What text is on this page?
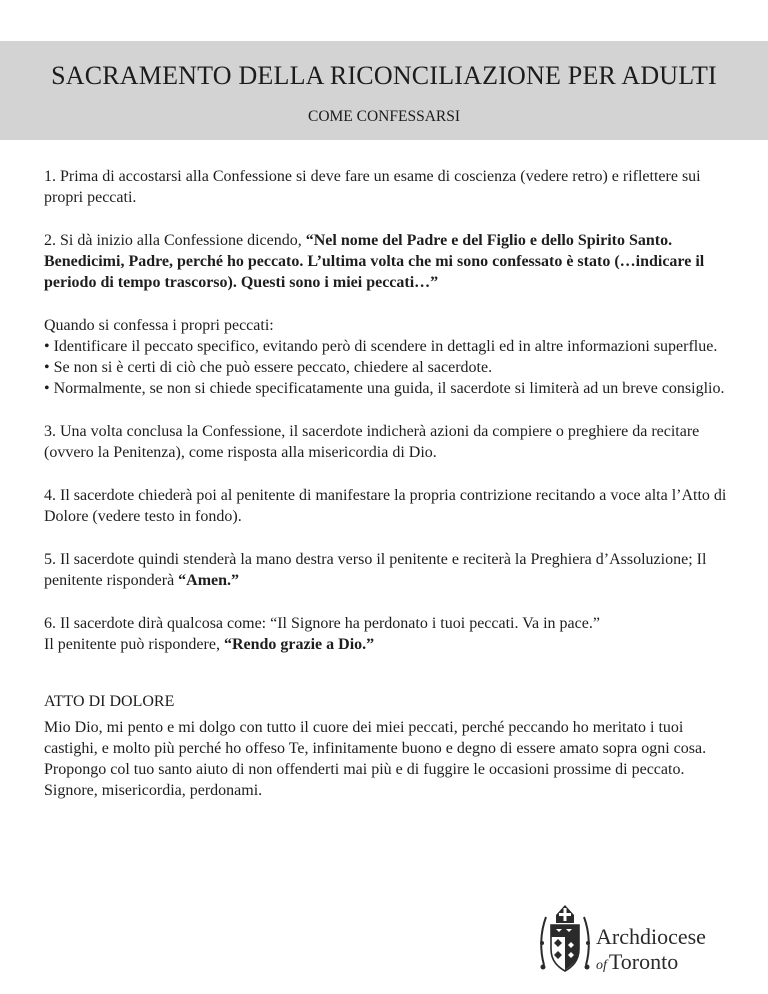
SACRAMENTO DELLA RICONCILIAZIONE PER ADULTI
COME CONFESSARSI

1. Prima di accostarsi alla Confessione si deve fare un esame di coscienza (vedere retro) e riflettere sui propri peccati.

2. Si dà inizio alla Confessione dicendo, “Nel nome del Padre e del Figlio e dello Spirito Santo. Benedicimi, Padre, perché ho peccato. L’ultima volta che mi sono confessato è stato (…indicare il periodo di tempo trascorso). Questi sono i miei peccati…”

Quando si confessa i propri peccati:

• Identificare il peccato specifico, evitando però di scendere in dettagli ed in altre informazioni superflue.

• Se non si è certi di ciò che può essere peccato, chiedere al sacerdote.

• Normalmente, se non si chiede specificatamente una guida, il sacerdote si limiterà ad un breve consiglio.

3. Una volta conclusa la Confessione, il sacerdote indicherà azioni da compiere o preghiere da recitare (ovvero la Penitenza), come risposta alla misericordia di Dio.

4. Il sacerdote chiederà poi al penitente di manifestare la propria contrizione recitando a voce alta l’Atto di Dolore (vedere testo in fondo).

5. Il sacerdote quindi stenderà la mano destra verso il penitente e reciterà la Preghiera d’Assoluzione; Il penitente risponderà “Amen.”

6. Il sacerdote dirà qualcosa come: “Il Signore ha perdonato i tuoi peccati. Va in pace.”

Il penitente può rispondere, “Rendo grazie a Dio.”

ATTO DI DOLORE

Mio Dio, mi pento e mi dolgo con tutto il cuore dei miei peccati, perché peccando ho meritato i tuoi castighi, e molto più perché ho offeso Te, infinitamente buono e degno di essere amato sopra ogni cosa. Propongo col tuo santo aiuto di non offenderti mai più e di fuggire le occasioni prossime di peccato. Signore, misericordia, perdonami.

Archdiocese
ofToronto
